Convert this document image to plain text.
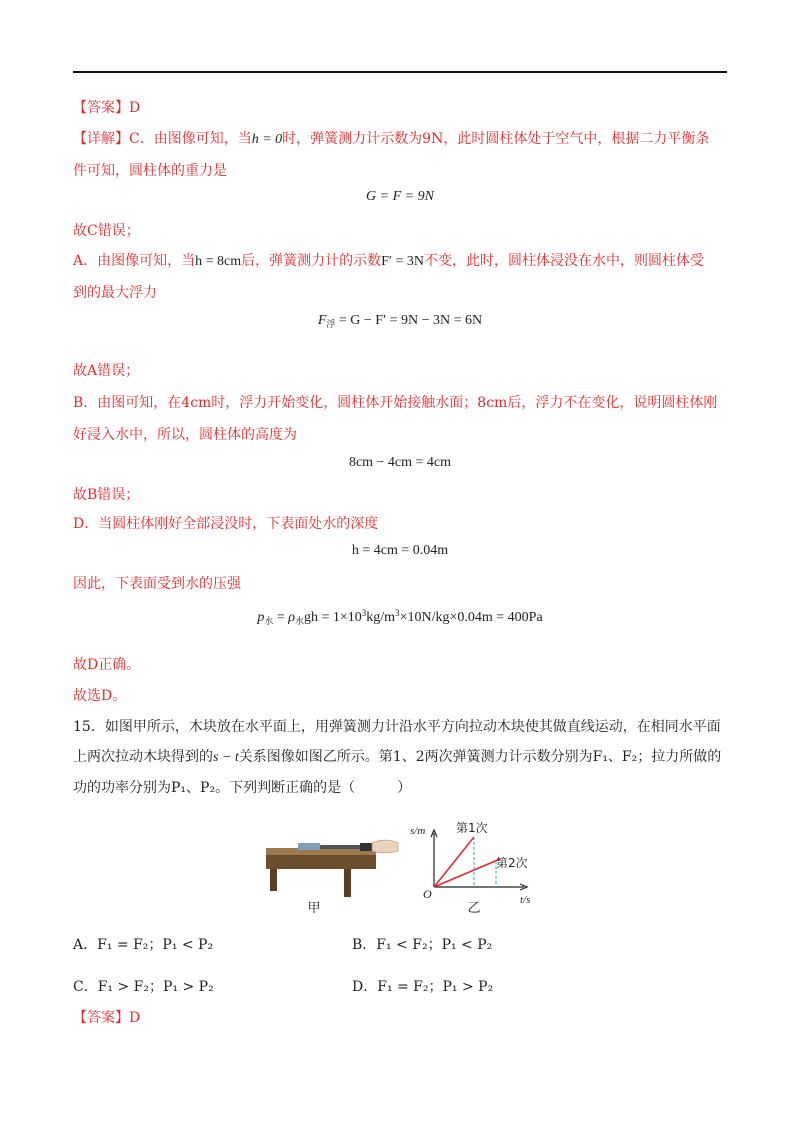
【答案】D
【详解】C．由图像可知，当h = 0时，弹簧测力计示数为9N，此时圆柱体处于空气中，根据二力平衡条
件可知，圆柱体的重力是
G = F = 9N
故C错误；
A．由图像可知，当h = 8cm后，弹簧测力计的示数F′ = 3N不变，此时，圆柱体浸没在水中，则圆柱体受
到的最大浮力
$F_浮 = G - F' = 9N - 3N = 6N$
故A错误；
B．由图可知，在4cm时，浮力开始变化，圆柱体开始接触水面；8cm后，浮力不在变化，说明圆柱体刚
好浸入水中，所以，圆柱体的高度为
8cm − 4cm = 4cm
故B错误；
D．当圆柱体刚好全部浸没时，下表面处水的深度
h = 4cm = 0.04m
因此，下表面受到水的压强
$p_水 = \rho_水gh = 1\times 10^3kg/m^3\times 10N/kg\times 0.04m = 400Pa$
故D正确。
故选D。
15．如图甲所示，木块放在水平面上，用弹簧测力计沿水平方向拉动木块使其做直线运动，在相同水平面
上两次拉动木块得到的s − t关系图像如图乙所示。第1、2两次弹簧测力计示数分别为F₁、F₂；拉力所做的
功的功率分别为P₁、P₂。下列判断正确的是（　　　）
甲
s/m
O	t/s
第1次
第2次
乙
A．F₁ = F₂；P₁ < P₂	B．F₁ < F₂；P₁ < P₂
C．F₁ > F₂；P₁ > P₂	D．F₁ = F₂；P₁ > P₂
【答案】D
